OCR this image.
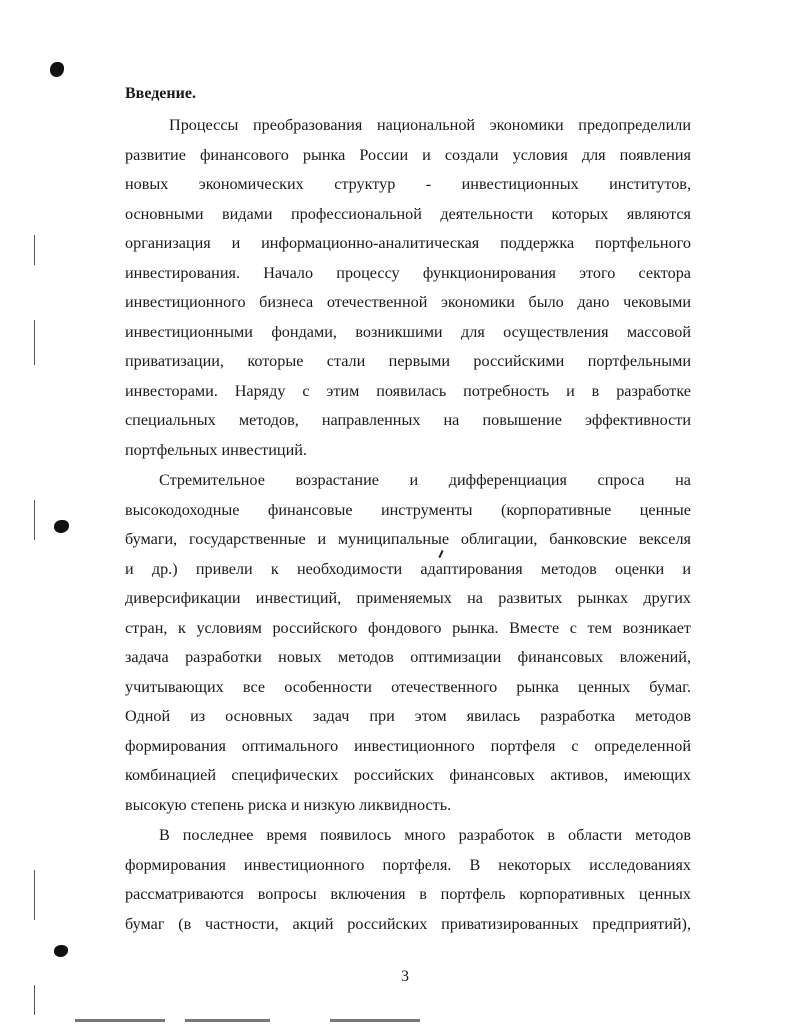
Введение.
Процессы преобразования национальной экономики предопределили
развитие финансового рынка России и создали условия для появления
новых экономических структур - инвестиционных институтов,
основными видами профессиональной деятельности которых являются
организация и информационно-аналитическая поддержка портфельного
инвестирования. Начало процессу функционирования этого сектора
инвестиционного бизнеса отечественной экономики было дано чековыми
инвестиционными фондами, возникшими для осуществления массовой
приватизации, которые стали первыми российскими портфельными
инвесторами. Наряду с этим появилась потребность и в разработке
специальных методов, направленных на повышение эффективности
портфельных инвестиций.
Стремительное возрастание и дифференциация спроса на
высокодоходные финансовые инструменты (корпоративные ценные
бумаги, государственные и муниципальные облигации, банковские векселя
и др.) привели к необходимости адаптирования методов оценки и
диверсификации инвестиций, применяемых на развитых рынках других
стран, к условиям российского фондового рынка. Вместе с тем возникает
задача разработки новых методов оптимизации финансовых вложений,
учитывающих все особенности отечественного рынка ценных бумаг.
Одной из основных задач при этом явилась разработка методов
формирования оптимального инвестиционного портфеля с определенной
комбинацией специфических российских финансовых активов, имеющих
высокую степень риска и низкую ликвидность.
В последнее время появилось много разработок в области методов
формирования инвестиционного портфеля. В некоторых исследованиях
рассматриваются вопросы включения в портфель корпоративных ценных
бумаг (в частности, акций российских приватизированных предприятий),
3
